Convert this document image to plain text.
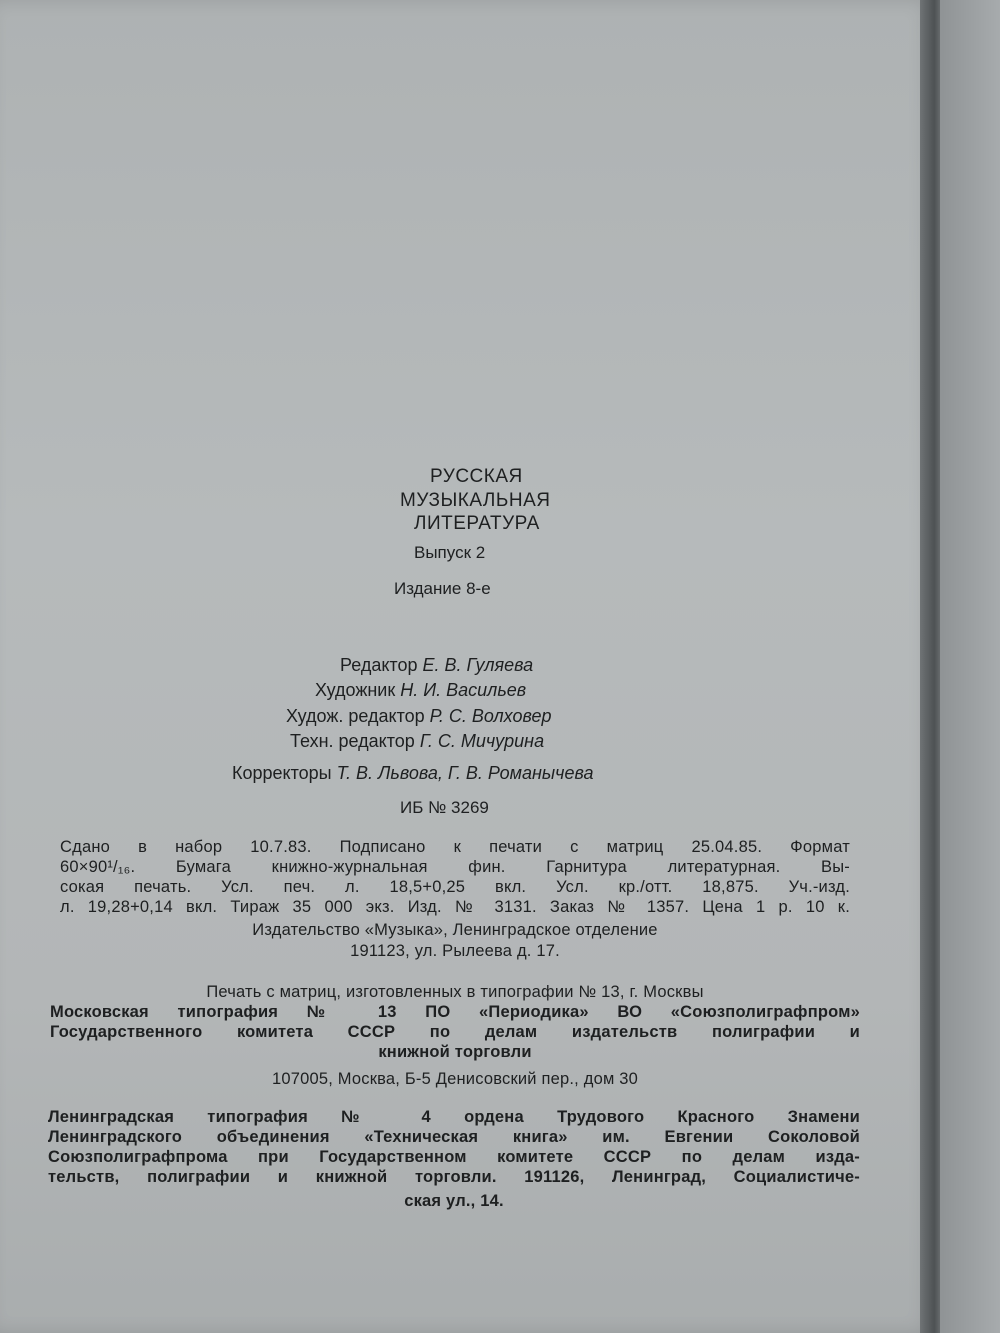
РУССКАЯ
МУЗЫКАЛЬНАЯ
ЛИТЕРАТУРА
Выпуск 2
Издание 8-е
Редактор Е. В. Гуляева
Художник Н. И. Васильев
Худож. редактор Р. С. Волховер
Техн. редактор Г. С. Мичурина
Корректоры Т. В. Львова, Г. В. Романычева
ИБ № 3269
Сдано в набор 10.7.83. Подписано к печати с матриц 25.04.85. Формат
60×90¹/₁₆. Бумага книжно-журнальная фин. Гарнитура литературная. Вы-
сокая печать. Усл. печ. л. 18,5+0,25 вкл. Усл. кр./отт. 18,875. Уч.-изд.
л. 19,28+0,14 вкл. Тираж 35 000 экз. Изд. № 3131. Заказ № 1357. Цена 1 р. 10 к.
Издательство «Музыка», Ленинградское отделение
191123, ул. Рылеева д. 17.
Печать с матриц, изготовленных в типографии № 13, г. Москвы
Московская типография № 13 ПО «Периодика» ВО «Союзполиграфпром»
Государственного комитета СССР по делам издательств полиграфии и
книжной торговли
107005, Москва, Б-5 Денисовский пер., дом 30
Ленинградская типография № 4 ордена Трудового Красного Знамени
Ленинградского объединения «Техническая книга» им. Евгении Соколовой
Союзполиграфпрома при Государственном комитете СССР по делам изда-
тельств, полиграфии и книжной торговли. 191126, Ленинград, Социалистиче-
ская ул., 14.
